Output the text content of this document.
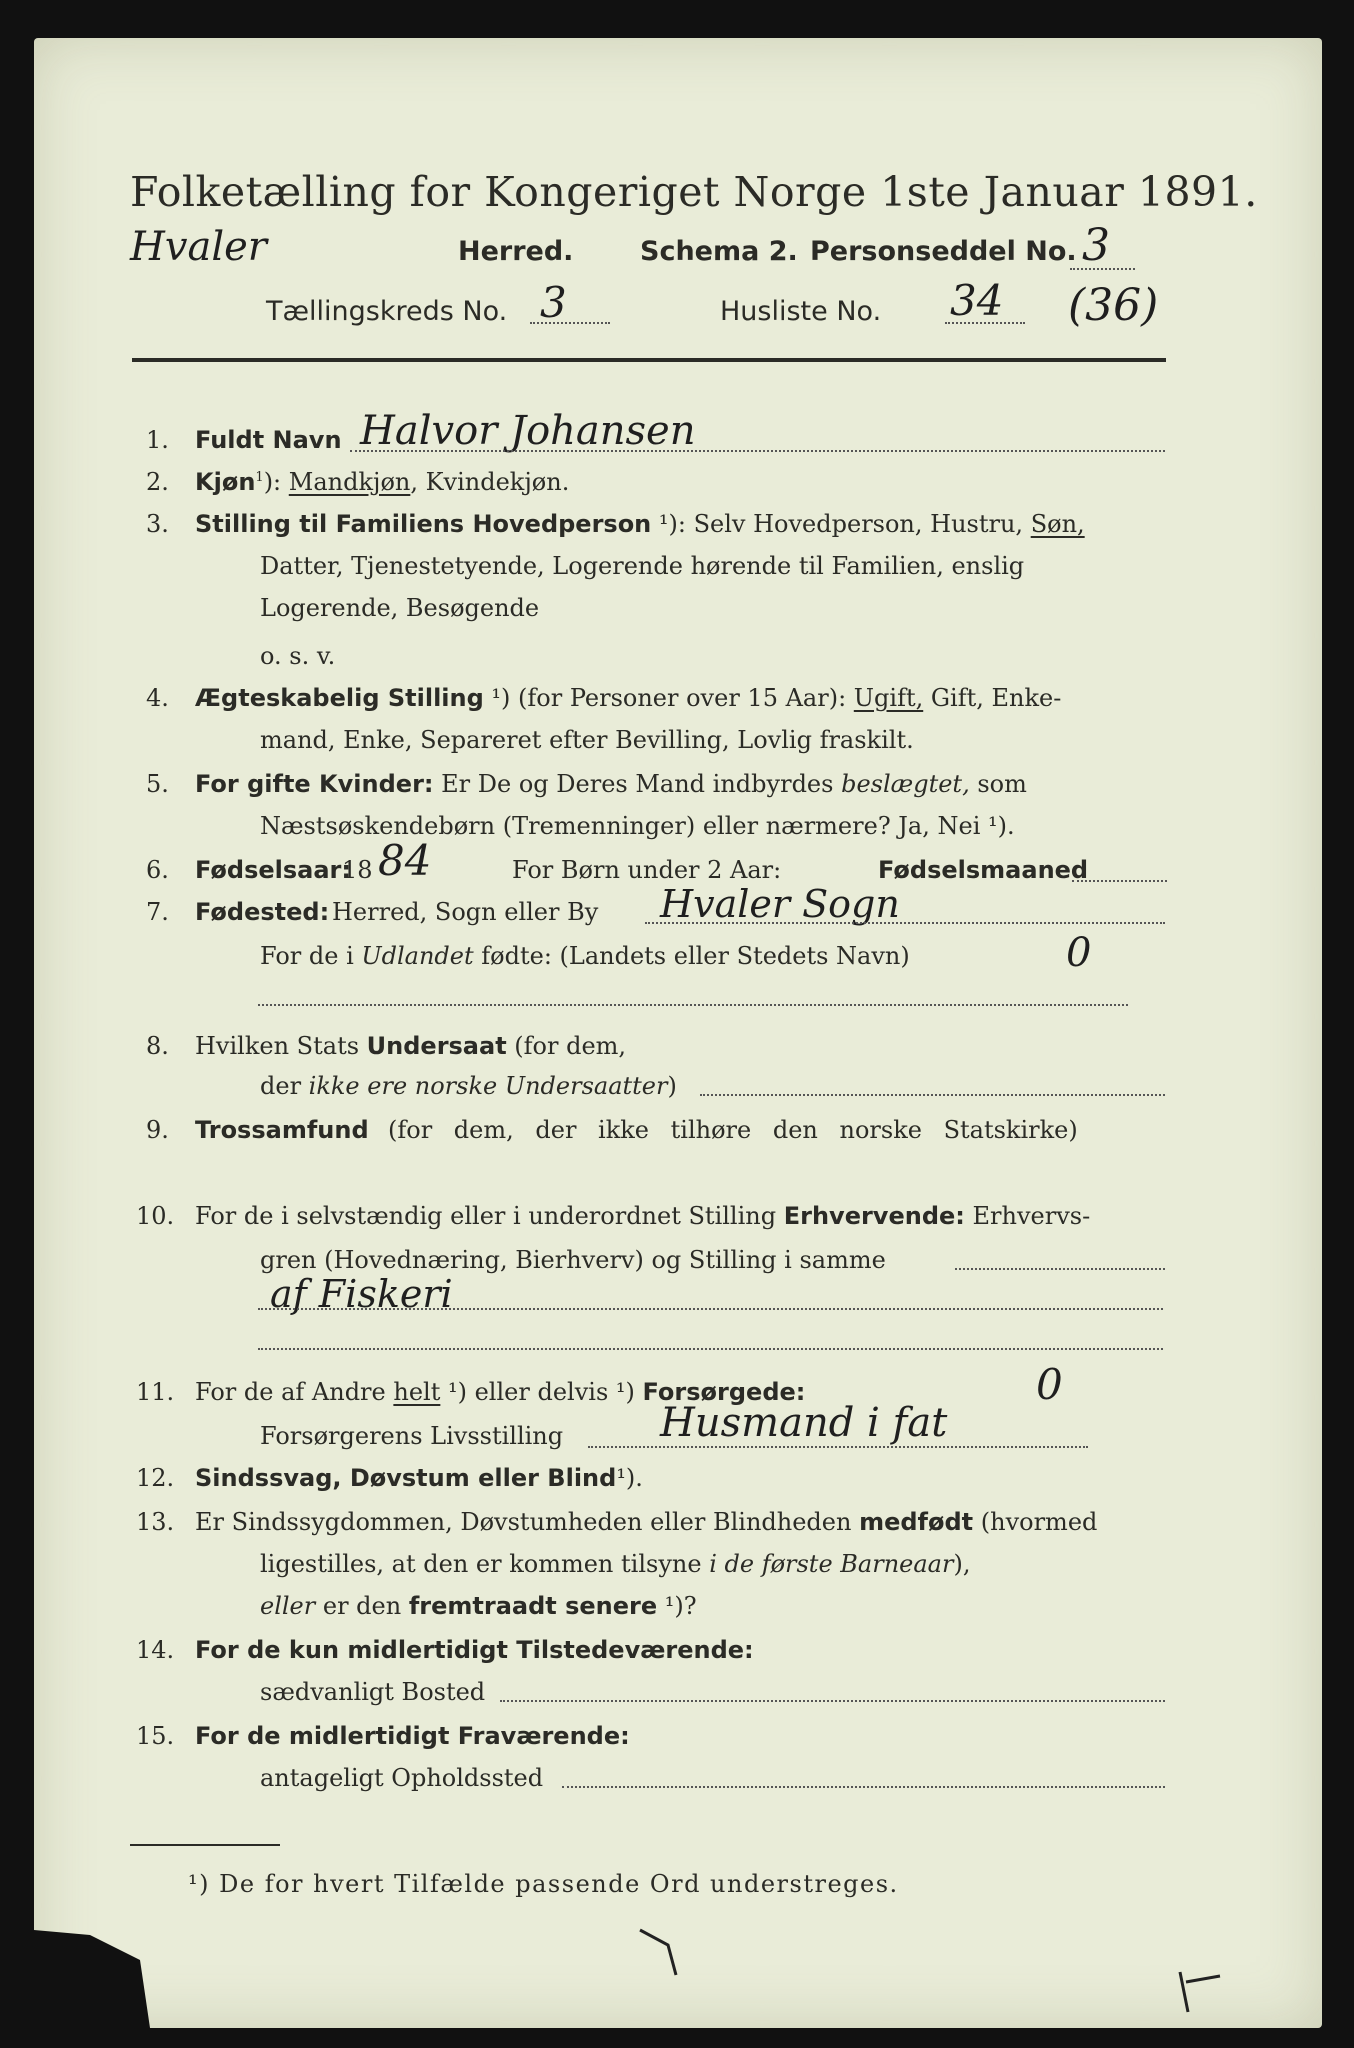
Folketælling for Kongeriget Norge 1ste Januar 1891.
Hvaler	Herred. Schema 2. Personseddel No. 3
Tællingskreds No. 3	Husliste No. 34 (36)
1. Fuldt Navn Halvor Johansen
2. Kjøn$^1$): Mandkjøn, Kvindekjøn.
3. Stilling til Familiens Hovedperson ¹): Selv Hovedperson, Hustru, Søn,
Datter, Tjenestetyende, Logerende hørende til Familien, enslig
Logerende, Besøgende
o. s. v.
4. Ægteskabelig Stilling ¹) (for Personer over 15 Aar): Ugift, Gift, Enke-
mand, Enke, Separeret efter Bevilling, Lovlig fraskilt.
5. For gifte Kvinder: Er De og Deres Mand indbyrdes beslægtet, som
Næstsøskendebørn (Tremenninger) eller nærmere? Ja, Nei ¹).
6. Fødselsaar:
18 84	For Børn under 2 Aar:	Fødselsmaaned
7. Fødested: Herred, Sogn eller By Hvaler Sogn
For de i Udlandet fødte: (Landets eller Stedets Navn)	0
8. Hvilken Stats Undersaat (for dem,
der ikke ere norske Undersaatter)
9. Trossamfund (for dem, der ikke tilhøre den norske Statskirke)
10. For de i selvstændig eller i underordnet Stilling Erhvervende: Erhvervs-
gren (Hovednæring, Bierhverv) og Stilling i samme
af Fiskeri
11. For de af Andre helt ¹) eller delvis ¹) Forsørgede:	0
Forsørgerens Livsstilling Husmand i fat
12. Sindssvag, Døvstum eller Blind¹).
13. Er Sindssygdommen, Døvstumheden eller Blindheden medfødt (hvormed
ligestilles, at den er kommen tilsyne i de første Barneaar),
eller er den fremtraadt senere ¹)?
14. For de kun midlertidigt Tilstedeværende:
sædvanligt Bosted
15. For de midlertidigt Fraværende:
antageligt Opholdssted
¹) De for hvert Tilfælde passende Ord understreges.
